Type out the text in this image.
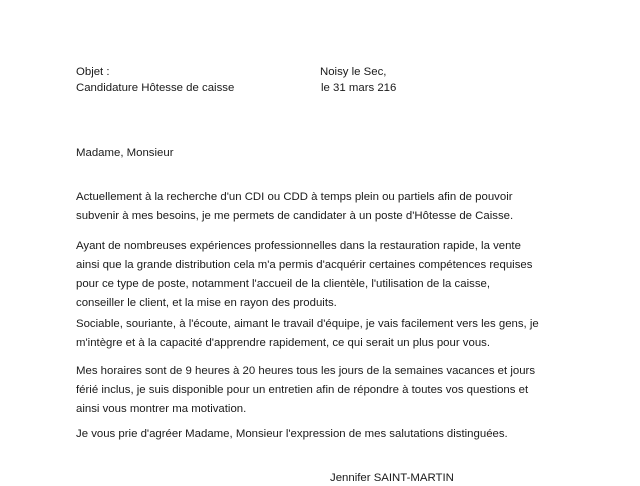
Objet :

Candidature Hôtesse de caisse

Noisy le Sec,

le 31 mars 216

Madame, Monsieur

Actuellement à la recherche d'un CDI ou CDD à temps plein ou partiels afin de pouvoir
subvenir à mes besoins, je me permets de candidater à un poste d'Hôtesse de Caisse.
Ayant de nombreuses expériences professionnelles dans la restauration rapide, la vente
ainsi que la grande distribution cela m'a permis d'acquérir certaines compétences requises
pour ce type de poste, notamment l'accueil de la clientèle, l'utilisation de la caisse,
conseiller le client, et la mise en rayon des produits.
Sociable, souriante, à l'écoute, aimant le travail d'équipe, je vais facilement vers les gens, je
m'intègre et à la capacité d'apprendre rapidement, ce qui serait un plus pour vous.
Mes horaires sont de 9 heures à 20 heures tous les jours de la semaines vacances et jours
férié inclus, je suis disponible pour un entretien afin de répondre à toutes vos questions et
ainsi vous montrer ma motivation.
Je vous prie d'agréer Madame, Monsieur l'expression de mes salutations distinguées.

Jennifer SAINT-MARTIN
